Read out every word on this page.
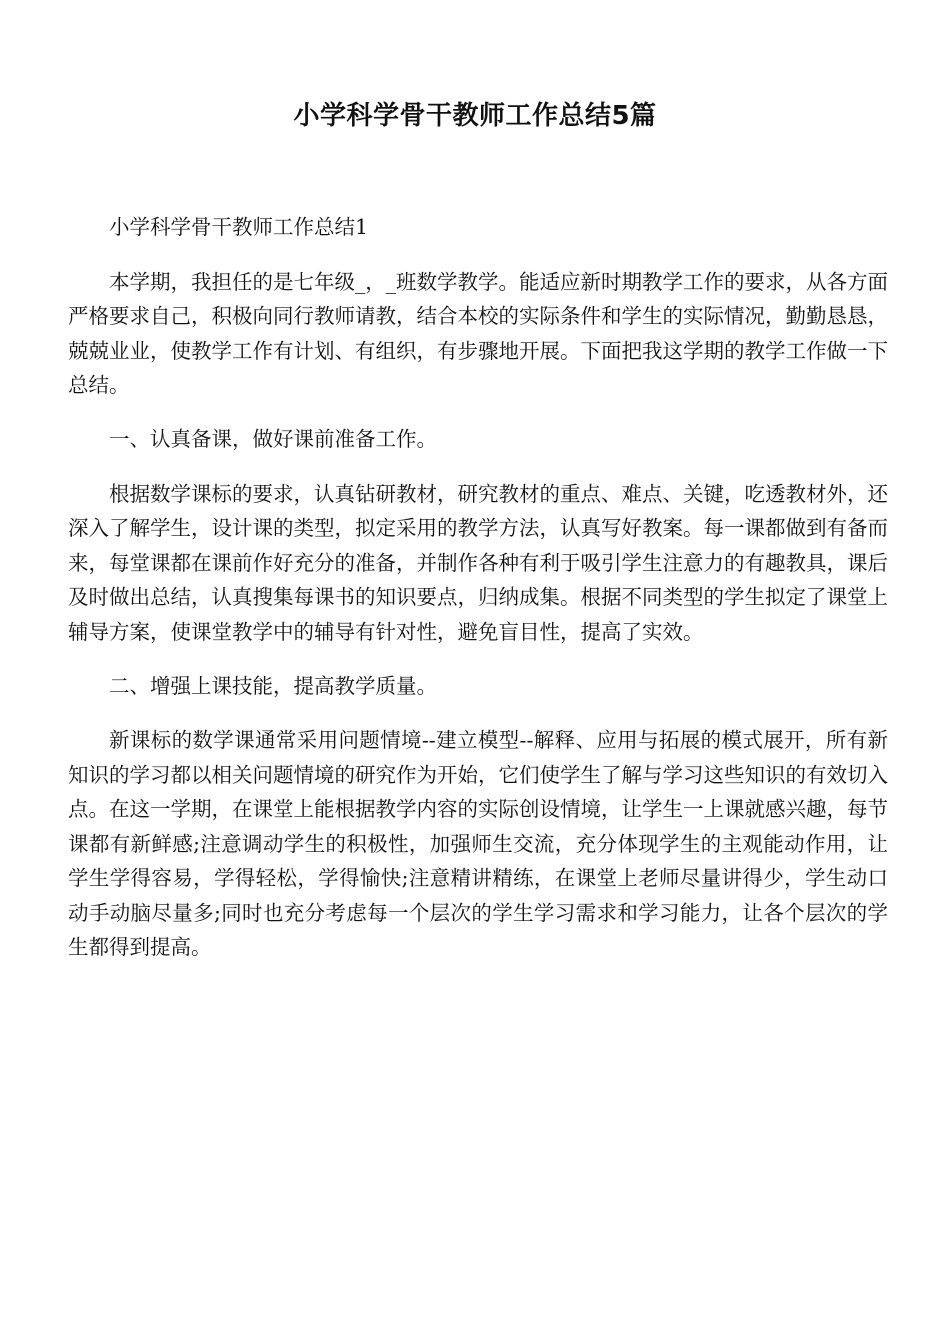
小学科学骨干教师工作总结5篇

小学科学骨干教师工作总结1

本学期，我担任的是七年级_，_班数学教学。能适应新时期教学工作的要求，从各方面严格要求自己，积极向同行教师请教，结合本校的实际条件和学生的实际情况，勤勤恳恳，兢兢业业，使教学工作有计划、有组织，有步骤地开展。下面把我这学期的教学工作做一下总结。

一、认真备课，做好课前准备工作。

根据数学课标的要求，认真钻研教材，研究教材的重点、难点、关键，吃透教材外，还深入了解学生，设计课的类型，拟定采用的教学方法，认真写好教案。每一课都做到有备而来，每堂课都在课前作好充分的准备，并制作各种有利于吸引学生注意力的有趣教具，课后及时做出总结，认真搜集每课书的知识要点，归纳成集。根据不同类型的学生拟定了课堂上辅导方案，使课堂教学中的辅导有针对性，避免盲目性，提高了实效。

二、增强上课技能，提高教学质量。

新课标的数学课通常采用问题情境--建立模型--解释、应用与拓展的模式展开，所有新知识的学习都以相关问题情境的研究作为开始，它们使学生了解与学习这些知识的有效切入点。在这一学期，在课堂上能根据教学内容的实际创设情境，让学生一上课就感兴趣，每节课都有新鲜感;注意调动学生的积极性，加强师生交流，充分体现学生的主观能动作用，让学生学得容易，学得轻松，学得愉快;注意精讲精练，在课堂上老师尽量讲得少，学生动口动手动脑尽量多;同时也充分考虑每一个层次的学生学习需求和学习能力，让各个层次的学生都得到提高。
